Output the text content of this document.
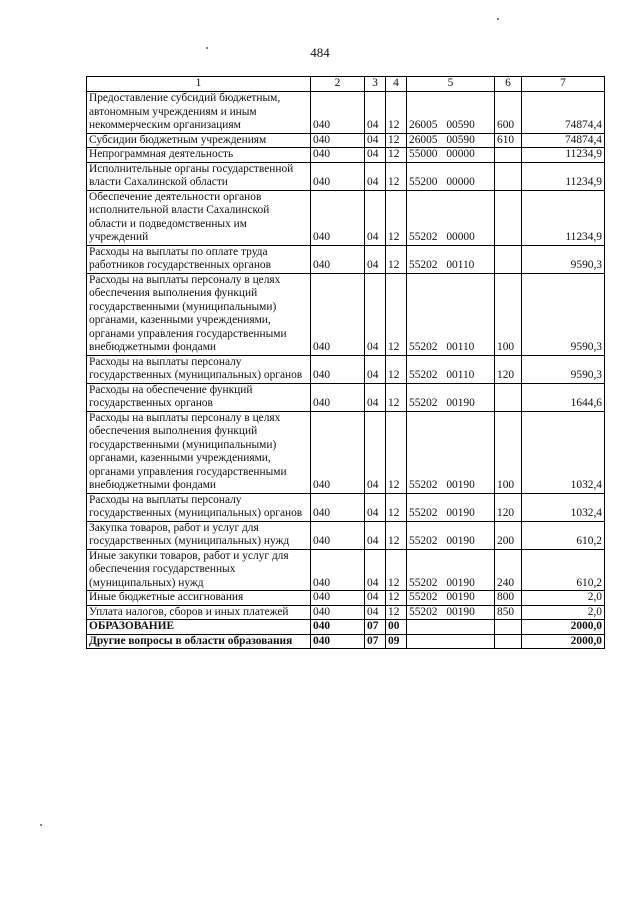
484
1	2	3	4	5	6	7
Предоставление субсидий бюджетным, автономным учреждениям и иным некоммерческим организациям	040	04	12	26005 00590	600	74874,4
Субсидии бюджетным учреждениям	040	04	12	26005 00590	610	74874,4
Непрограммная деятельность	040	04	12	55000 00000		11234,9
Исполнительные органы государственной власти Сахалинской области	040	04	12	55200 00000		11234,9
Обеспечение деятельности органов исполнительной власти Сахалинской области и подведомственных им учреждений	040	04	12	55202 00000		11234,9
Расходы на выплаты по оплате труда работников государственных органов	040	04	12	55202 00110		9590,3
Расходы на выплаты персоналу в целях обеспечения выполнения функций государственными (муниципальными) органами, казенными учреждениями, органами управления государственными внебюджетными фондами	040	04	12	55202 00110	100	9590,3
Расходы на выплаты персоналу государственных (муниципальных) органов	040	04	12	55202 00110	120	9590,3
Расходы на обеспечение функций государственных органов	040	04	12	55202 00190		1644,6
Расходы на выплаты персоналу в целях обеспечения выполнения функций государственными (муниципальными) органами, казенными учреждениями, органами управления государственными внебюджетными фондами	040	04	12	55202 00190	100	1032,4
Расходы на выплаты персоналу государственных (муниципальных) органов	040	04	12	55202 00190	120	1032,4
Закупка товаров, работ и услуг для государственных (муниципальных) нужд	040	04	12	55202 00190	200	610,2
Иные закупки товаров, работ и услуг для обеспечения государственных (муниципальных) нужд	040	04	12	55202 00190	240	610,2
Иные бюджетные ассигнования	040	04	12	55202 00190	800	2,0
Уплата налогов, сборов и иных платежей	040	04	12	55202 00190	850	2,0
ОБРАЗОВАНИЕ	040	07	00			2000,0
Другие вопросы в области образования	040	07	09			2000,0
